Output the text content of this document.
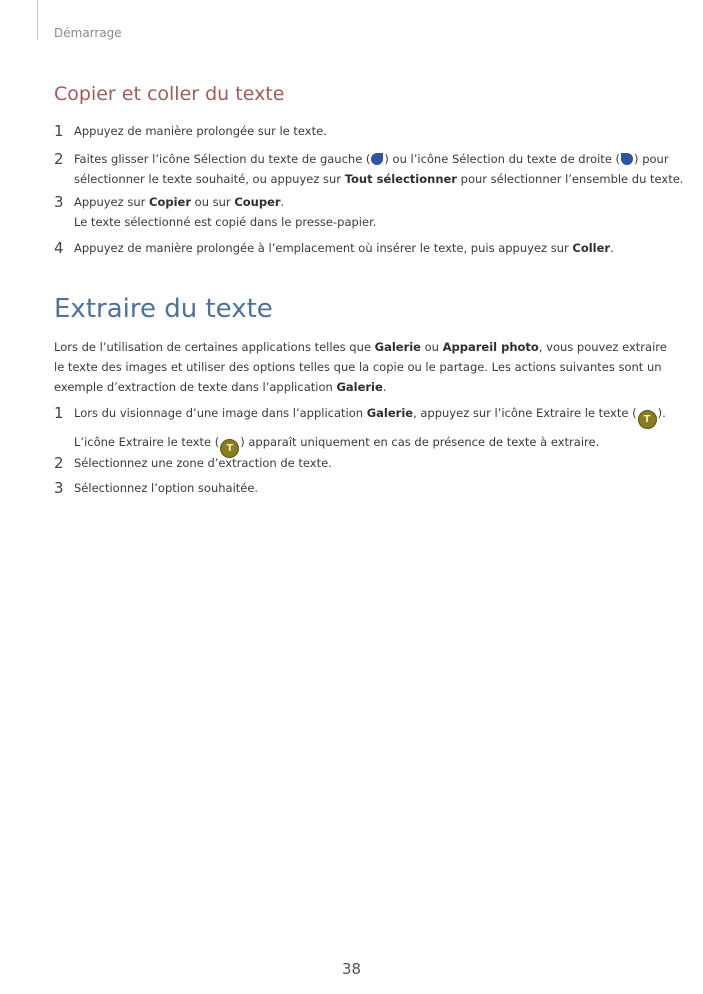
Démarrage
Copier et coller du texte
1 Appuyez de manière prolongée sur le texte.
2 Faites glisser l’icône Sélection du texte de gauche ( ) ou l’icône Sélection du texte de droite ( ) pour
sélectionner le texte souhaité, ou appuyez sur Tout sélectionner pour sélectionner l’ensemble du texte.
3 Appuyez sur Copier ou sur Couper.
Le texte sélectionné est copié dans le presse-papier.
4 Appuyez de manière prolongée à l’emplacement où insérer le texte, puis appuyez sur Coller.
Extraire du texte
Lors de l’utilisation de certaines applications telles que Galerie ou Appareil photo, vous pouvez extraire
le texte des images et utiliser des options telles que la copie ou le partage. Les actions suivantes sont un
exemple d’extraction de texte dans l’application Galerie.
1 Lors du visionnage d’une image dans l’application Galerie, appuyez sur l’icône Extraire le texte ( T ).
L’icône Extraire le texte ( T ) apparaît uniquement en cas de présence de texte à extraire.
2 Sélectionnez une zone d’extraction de texte.
3 Sélectionnez l’option souhaitée.
38
